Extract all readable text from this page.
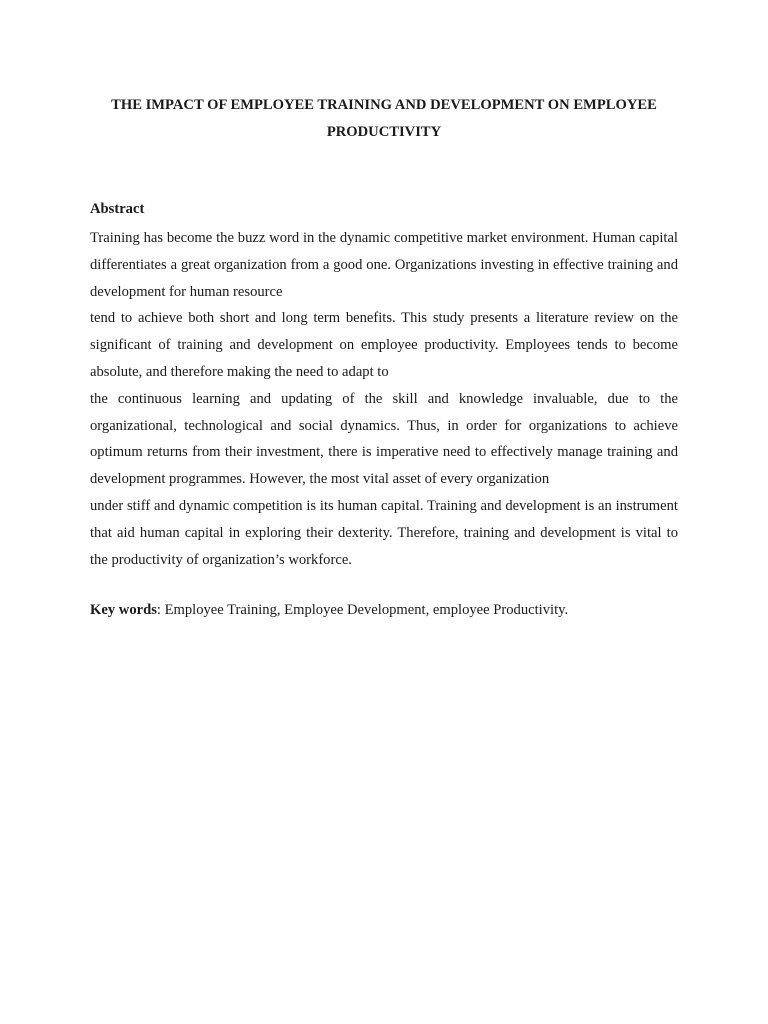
THE IMPACT OF EMPLOYEE TRAINING AND DEVELOPMENT ON EMPLOYEE PRODUCTIVITY

Abstract

Training has become the buzz word in the dynamic competitive market environment. Human capital differentiates a great organization from a good one. Organizations investing in effective training and development for human resource

tend to achieve both short and long term benefits. This study presents a literature review on the significant of training and development on employee productivity. Employees tends to become absolute, and therefore making the need to adapt to

the continuous learning and updating of the skill and knowledge invaluable, due to the organizational, technological and social dynamics. Thus, in order for organizations to achieve optimum returns from their investment, there is imperative need to effectively manage training and development programmes. However, the most vital asset of every organization

under stiff and dynamic competition is its human capital. Training and development is an instrument that aid human capital in exploring their dexterity. Therefore, training and development is vital to the productivity of organization’s workforce.

Key words: Employee Training, Employee Development, employee Productivity.
